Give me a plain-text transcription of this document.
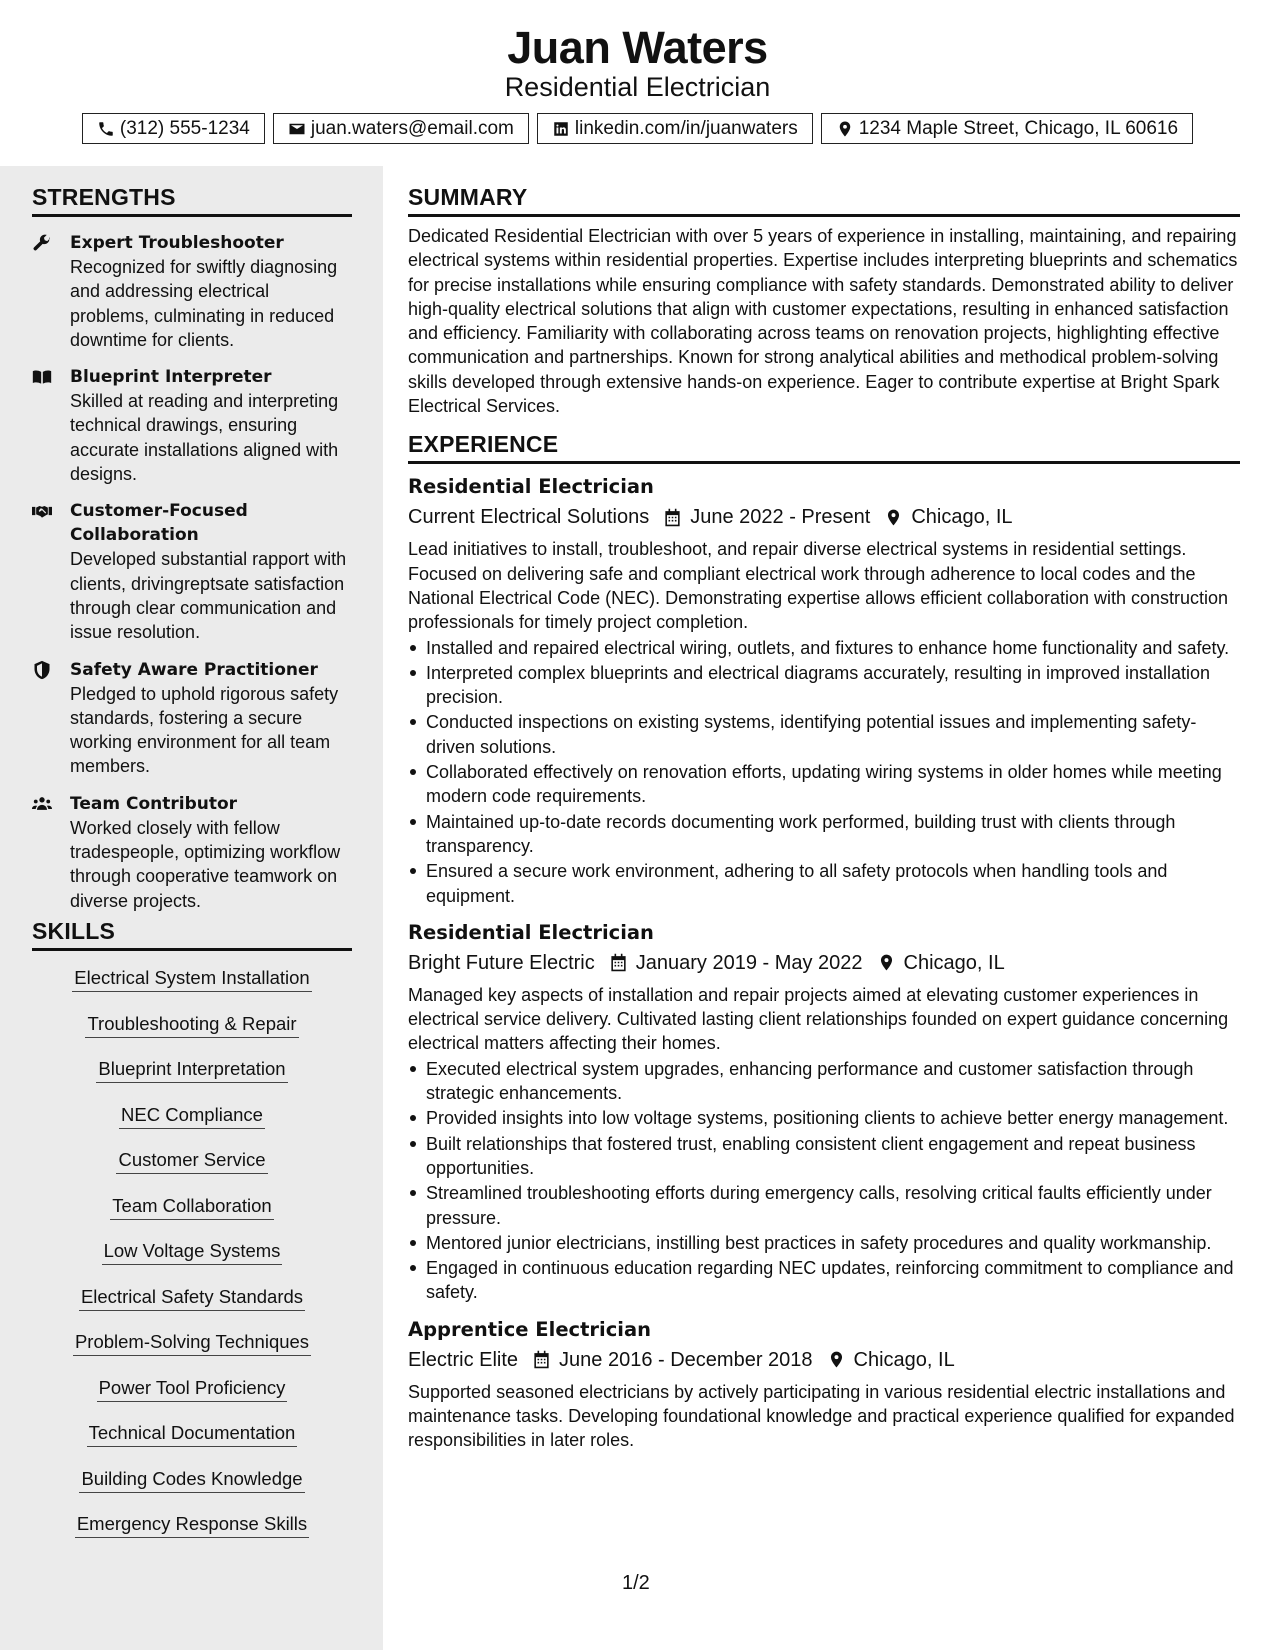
Juan Waters
Residential Electrician
(312) 555-1234	juan.waters@email.com	linkedin.com/in/juanwaters	1234 Maple Street, Chicago, IL 60616
STRENGTHS
Expert Troubleshooter
Recognized for swiftly diagnosing and addressing electrical problems, culminating in reduced downtime for clients.
Blueprint Interpreter
Skilled at reading and interpreting technical drawings, ensuring accurate installations aligned with designs.
Customer-Focused Collaboration
Developed substantial rapport with clients, drivingreptsate satisfaction through clear communication and issue resolution.
Safety Aware Practitioner
Pledged to uphold rigorous safety standards, fostering a secure working environment for all team members.
Team Contributor
Worked closely with fellow tradespeople, optimizing workflow through cooperative teamwork on diverse projects.
SKILLS
Electrical System Installation
Troubleshooting & Repair
Blueprint Interpretation
NEC Compliance
Customer Service
Team Collaboration
Low Voltage Systems
Electrical Safety Standards
Problem-Solving Techniques
Power Tool Proficiency
Technical Documentation
Building Codes Knowledge
Emergency Response Skills
SUMMARY
Dedicated Residential Electrician with over 5 years of experience in installing, maintaining, and repairing electrical systems within residential properties. Expertise includes interpreting blueprints and schematics for precise installations while ensuring compliance with safety standards. Demonstrated ability to deliver high-quality electrical solutions that align with customer expectations, resulting in enhanced satisfaction and efficiency. Familiarity with collaborating across teams on renovation projects, highlighting effective communication and partnerships. Known for strong analytical abilities and methodical problem-solving skills developed through extensive hands-on experience. Eager to contribute expertise at Bright Spark Electrical Services.
EXPERIENCE
Residential Electrician
Current Electrical Solutions June 2022 - Present Chicago, IL
Lead initiatives to install, troubleshoot, and repair diverse electrical systems in residential settings. Focused on delivering safe and compliant electrical work through adherence to local codes and the National Electrical Code (NEC). Demonstrating expertise allows efficient collaboration with construction professionals for timely project completion.
Installed and repaired electrical wiring, outlets, and fixtures to enhance home functionality and safety.
Interpreted complex blueprints and electrical diagrams accurately, resulting in improved installation precision.
Conducted inspections on existing systems, identifying potential issues and implementing safety-driven solutions.
Collaborated effectively on renovation efforts, updating wiring systems in older homes while meeting modern code requirements.
Maintained up-to-date records documenting work performed, building trust with clients through transparency.
Ensured a secure work environment, adhering to all safety protocols when handling tools and equipment.
Residential Electrician
Bright Future Electric January 2019 - May 2022 Chicago, IL
Managed key aspects of installation and repair projects aimed at elevating customer experiences in electrical service delivery. Cultivated lasting client relationships founded on expert guidance concerning electrical matters affecting their homes.
Executed electrical system upgrades, enhancing performance and customer satisfaction through strategic enhancements.
Provided insights into low voltage systems, positioning clients to achieve better energy management.
Built relationships that fostered trust, enabling consistent client engagement and repeat business opportunities.
Streamlined troubleshooting efforts during emergency calls, resolving critical faults efficiently under pressure.
Mentored junior electricians, instilling best practices in safety procedures and quality workmanship.
Engaged in continuous education regarding NEC updates, reinforcing commitment to compliance and safety.
Apprentice Electrician
Electric Elite June 2016 - December 2018 Chicago, IL
Supported seasoned electricians by actively participating in various residential electric installations and maintenance tasks. Developing foundational knowledge and practical experience qualified for expanded responsibilities in later roles.
1/2
